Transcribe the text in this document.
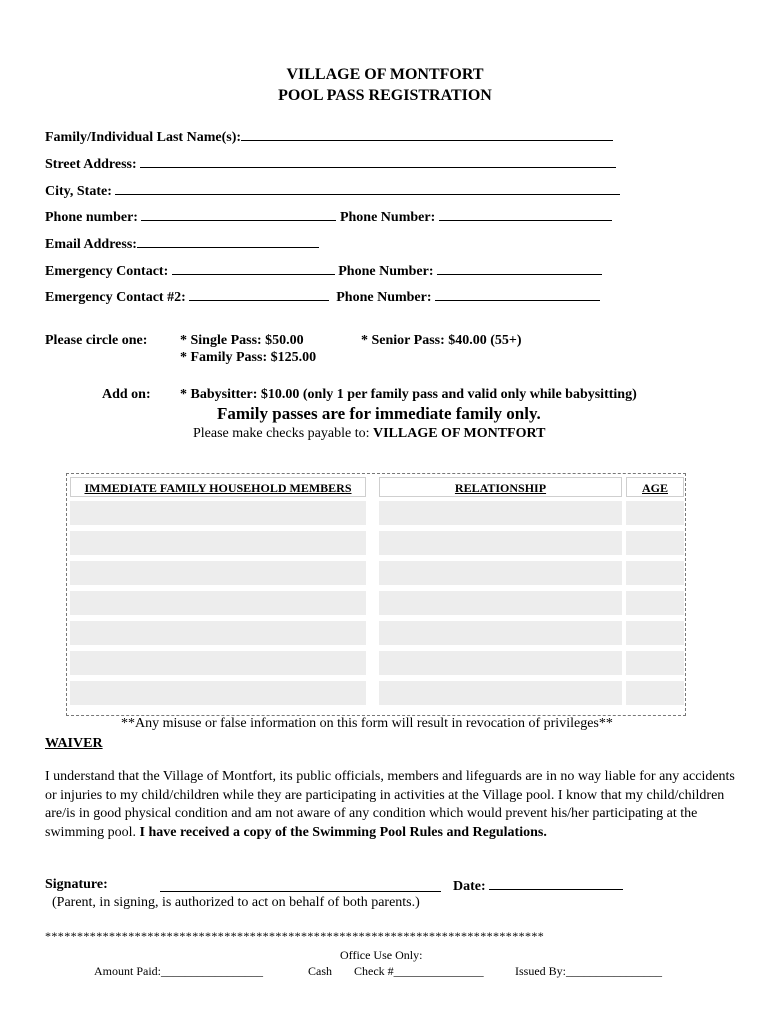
VILLAGE OF MONTFORT
POOL PASS REGISTRATION
Family/Individual Last Name(s):
Street Address:
City, State:
Phone number:	Phone Number:
Email Address:
Emergency Contact:	Phone Number:
Emergency Contact #2:	Phone Number:
Please circle one: * Single Pass: $50.00
* Family Pass: $125.00
* Senior Pass: $40.00 (55+)
Add on: * Babysitter: $10.00 (only 1 per family pass and valid only while babysitting)
Family passes are for immediate family only.
Please make checks payable to: VILLAGE OF MONTFORT
IMMEDIATE FAMILY HOUSEHOLD MEMBERS	RELATIONSHIP	AGE
**Any misuse or false information on this form will result in revocation of privileges**
WAIVER
I understand that the Village of Montfort, its public officials, members and lifeguards are in no way liable for any accidents or injuries to my child/children while they are participating in activities at the Village pool. I know that my child/children are/is in good physical condition and am not aware of any condition which would prevent his/her participating at the swimming pool. I have received a copy of the Swimming Pool Rules and Regulations.
Signature:	Date:
(Parent, in signing, is authorized to act on behalf of both parents.)
******************************************************************************
Office Use Only:
Amount Paid:_________________	Cash Check #_______________	Issued By:________________
